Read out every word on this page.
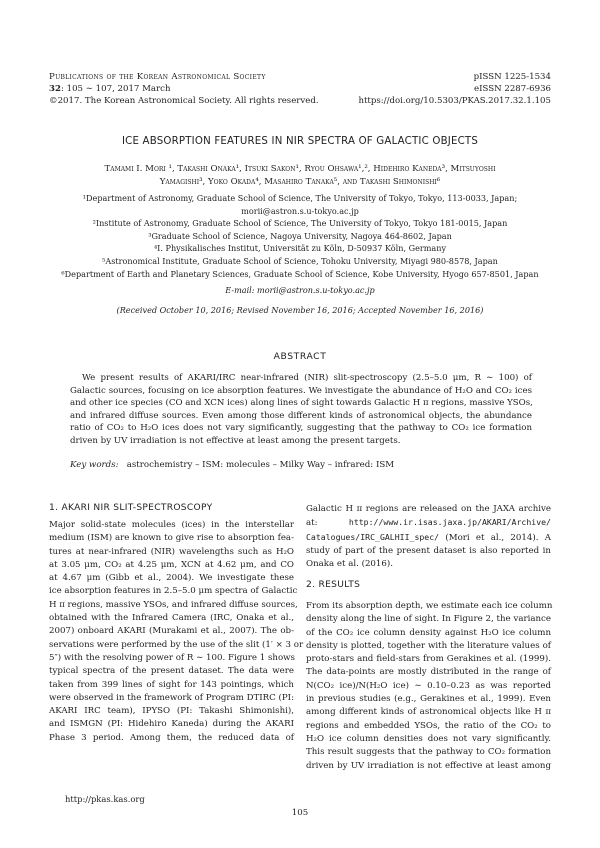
Publications of the Korean Astronomical Society
32: 105 ∼ 107, 2017 March
©2017. The Korean Astronomical Society. All rights reserved.
pISSN 1225-1534
eISSN 2287-6936
https://doi.org/10.5303/PKAS.2017.32.1.105
ICE ABSORPTION FEATURES IN NIR SPECTRA OF GALACTIC OBJECTS
Tamami I. Mori ¹, Takashi Onaka¹, Itsuki Sakon¹, Ryou Ohsawa¹,², Hidehiro Kaneda³, Mitsuyoshi
Yamagishi³, Yoko Okada⁴, Masahiro Tanaka⁵, and Takashi Shimonishi⁶
¹Department of Astronomy, Graduate School of Science, The University of Tokyo, Tokyo, 113-0033, Japan;
morii@astron.s.u-tokyo.ac.jp
²Institute of Astronomy, Graduate School of Science, The University of Tokyo, Tokyo 181-0015, Japan
³Graduate School of Science, Nagoya University, Nagoya 464-8602, Japan
⁴I. Physikalisches Institut, Universität zu Köln, D-50937 Köln, Germany
⁵Astronomical Institute, Graduate School of Science, Tohoku University, Miyagi 980-8578, Japan
⁶Department of Earth and Planetary Sciences, Graduate School of Science, Kobe University, Hyogo 657-8501, Japan
E-mail: morii@astron.s.u-tokyo.ac.jp
(Received October 10, 2016; Revised November 16, 2016; Accepted November 16, 2016)
ABSTRACT
We present results of AKARI/IRC near-infrared (NIR) slit-spectroscopy (2.5–5.0 μm, R ∼ 100) of
Galactic sources, focusing on ice absorption features. We investigate the abundance of H₂O and CO₂ ices
and other ice species (CO and XCN ices) along lines of sight towards Galactic H ɪɪ regions, massive YSOs,
and infrared diffuse sources. Even among those different kinds of astronomical objects, the abundance
ratio of CO₂ to H₂O ices does not vary significantly, suggesting that the pathway to CO₂ ice formation
driven by UV irradiation is not effective at least among the present targets.
Key words: astrochemistry – ISM: molecules – Milky Way – infrared: ISM
1. AKARI NIR SLIT-SPECTROSCOPY
Major solid-state molecules (ices) in the interstellar
medium (ISM) are known to give rise to absorption fea-
tures at near-infrared (NIR) wavelengths such as H₂O
at 3.05 μm, CO₂ at 4.25 μm, XCN at 4.62 μm, and CO
at 4.67 μm (Gibb et al., 2004). We investigate these
ice absorption features in 2.5–5.0 μm spectra of Galactic
H ɪɪ regions, massive YSOs, and infrared diffuse sources,
obtained with the Infrared Camera (IRC, Onaka et al.,
2007) onboard AKARI (Murakami et al., 2007). The ob-
servations were performed by the use of the slit (1′ × 3 or
5″) with the resolving power of R ∼ 100. Figure 1 shows
typical spectra of the present dataset. The data were
taken from 399 lines of sight for 143 pointings, which
were observed in the framework of Program DTIRC (PI:
AKARI IRC team), IPYSO (PI: Takashi Shimonishi),
and ISMGN (PI: Hidehiro Kaneda) during the AKARI
Phase 3 period. Among them, the reduced data of
Galactic H ɪɪ regions are released on the JAXA archive
at:	http://www.ir.isas.jaxa.jp/AKARI/Archive/
Catalogues/IRC_GALHII_spec/ (Mori et al., 2014). A
study of part of the present dataset is also reported in
Onaka et al. (2016).
2. RESULTS
From its absorption depth, we estimate each ice column
density along the line of sight. In Figure 2, the variance
of the CO₂ ice column density against H₂O ice column
density is plotted, together with the literature values of
proto-stars and field-stars from Gerakines et al. (1999).
The data-points are mostly distributed in the range of
N(CO₂ ice)/N(H₂O ice) ∼ 0.10–0.23 as was reported
in previous studies (e.g., Gerakines et al., 1999). Even
among different kinds of astronomical objects like H ɪɪ
regions and embedded YSOs, the ratio of the CO₂ to
H₂O ice column densities does not vary significantly.
This result suggests that the pathway to CO₂ formation
driven by UV irradiation is not effective at least among
http://pkas.kas.org
105
